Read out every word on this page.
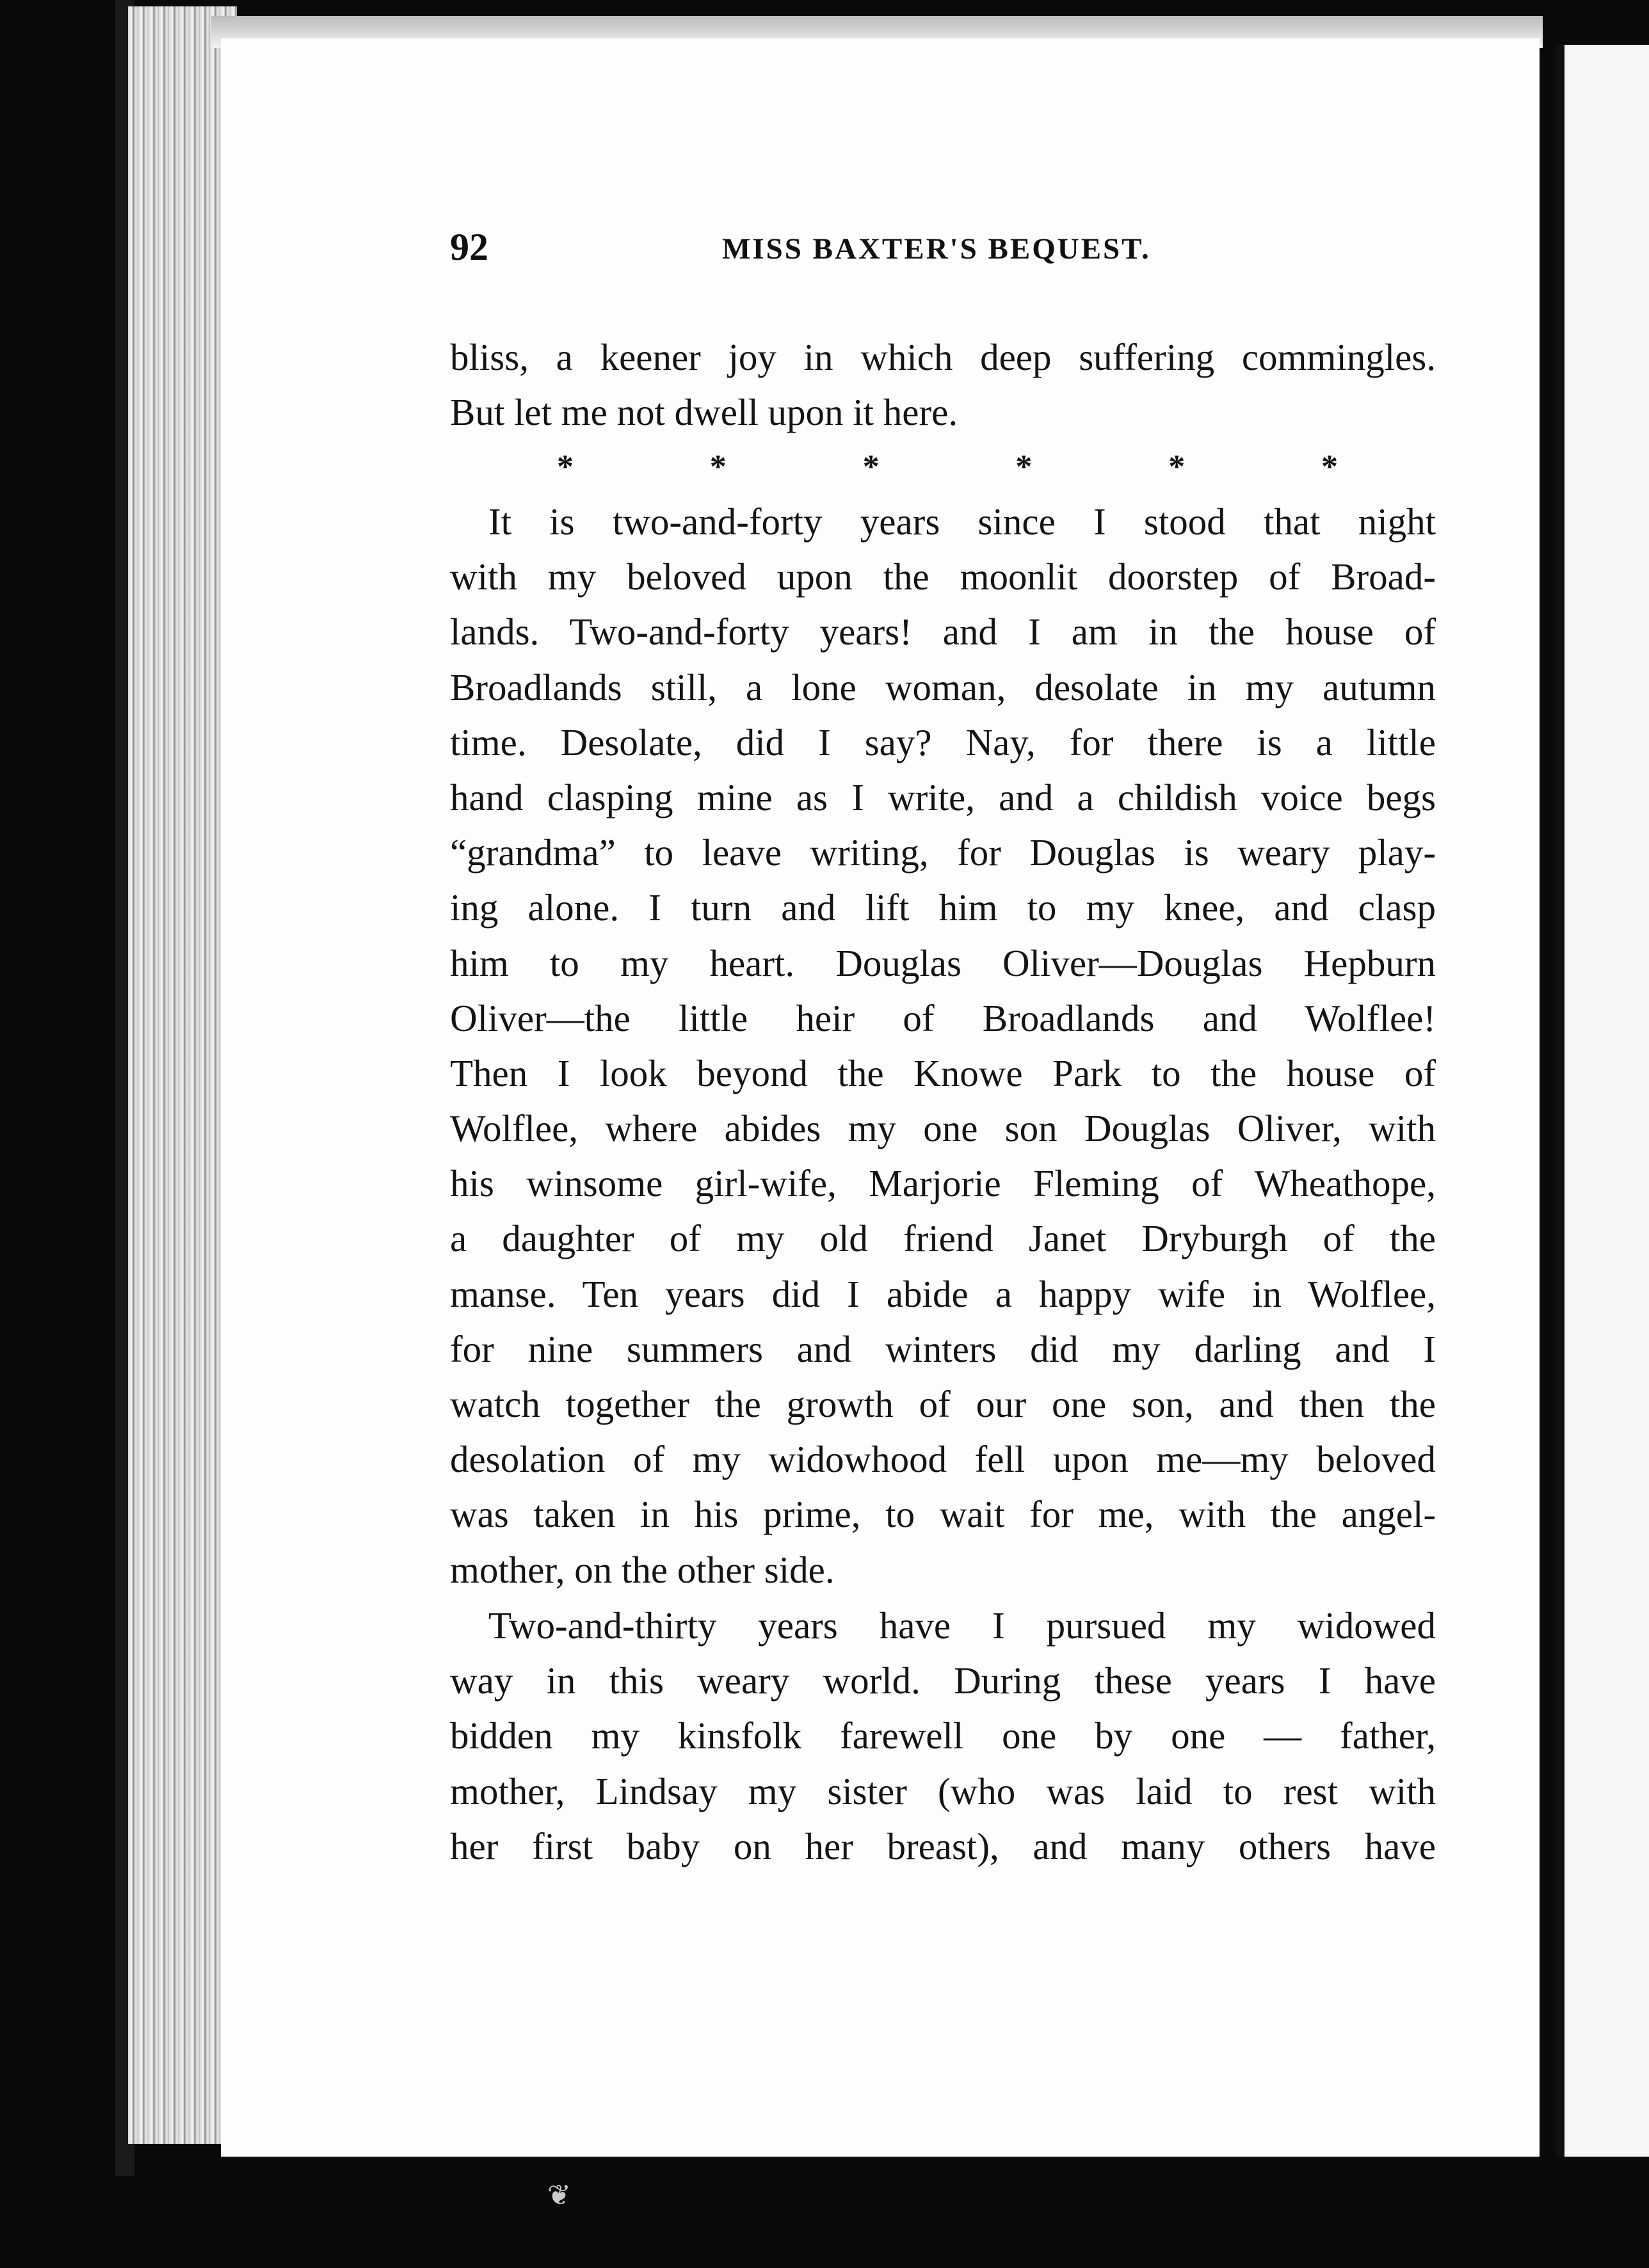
92	MISS BAXTER'S BEQUEST.
bliss, a keener joy in which deep suffering commingles.
But let me not dwell upon it here.
*	*	*	*	*	*
It is two-and-forty years since I stood that night
with my beloved upon the moonlit doorstep of Broad-
lands. Two-and-forty years! and I am in the house of
Broadlands still, a lone woman, desolate in my autumn
time. Desolate, did I say? Nay, for there is a little
hand clasping mine as I write, and a childish voice begs
“grandma” to leave writing, for Douglas is weary play-
ing alone. I turn and lift him to my knee, and clasp
him to my heart. Douglas Oliver—Douglas Hepburn
Oliver—the little heir of Broadlands and Wolflee!
Then I look beyond the Knowe Park to the house of
Wolflee, where abides my one son Douglas Oliver, with
his winsome girl-wife, Marjorie Fleming of Wheathope,
a daughter of my old friend Janet Dryburgh of the
manse. Ten years did I abide a happy wife in Wolflee,
for nine summers and winters did my darling and I
watch together the growth of our one son, and then the
desolation of my widowhood fell upon me—my beloved
was taken in his prime, to wait for me, with the angel-
mother, on the other side.
Two-and-thirty years have I pursued my widowed
way in this weary world. During these years I have
bidden my kinsfolk farewell one by one — father,
mother, Lindsay my sister (who was laid to rest with
her first baby on her breast), and many others have
❦
